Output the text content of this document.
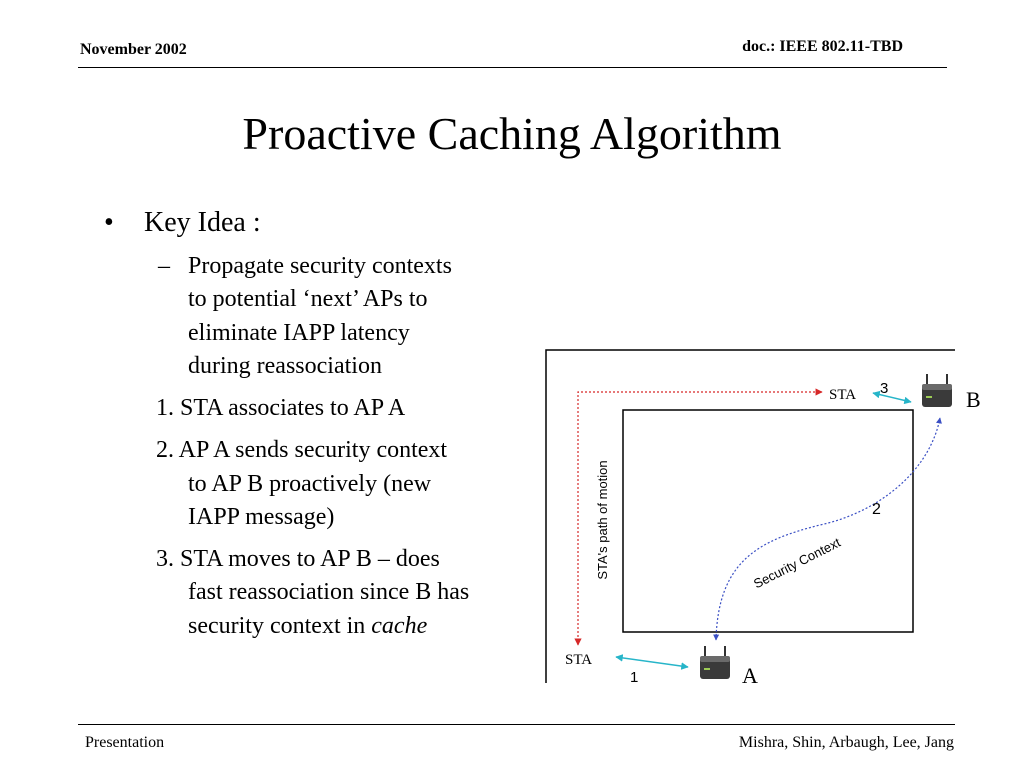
November 2002	doc.: IEEE 802.11-TBD
Proactive Caching Algorithm
• Key Idea :
– Propagate security contexts
to potential ‘next’ APs to
eliminate IAPP latency
during reassociation
1. STA associates to AP A
2. AP A sends security context
to AP B proactively (new
IAPP message)
3. STA moves to AP B – does
fast reassociation since B has
security context in cache
STA's path of motion
STA 3	B
Security Context
2
STA
1	A
Presentation	Mishra, Shin, Arbaugh, Lee, Jang
